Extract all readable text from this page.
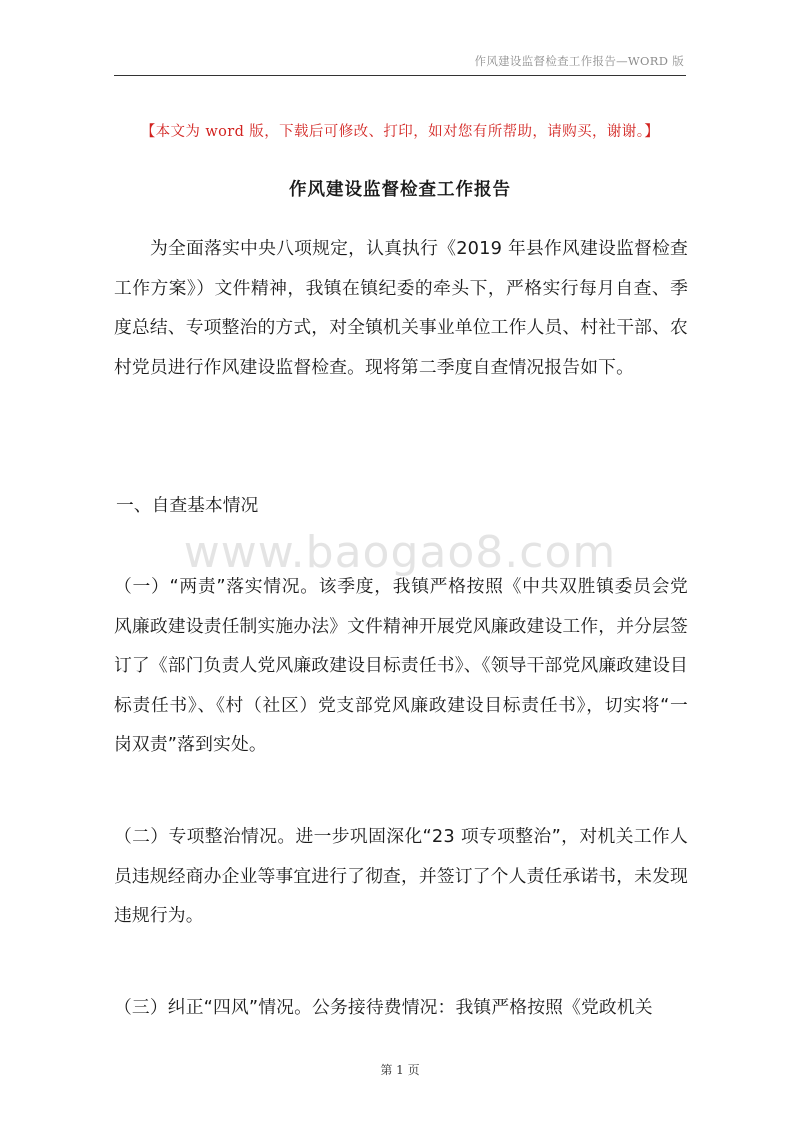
作风建设监督检查工作报告—WORD 版
【本文为 word 版，下载后可修改、打印，如对您有所帮助，请购买，谢谢。】
作风建设监督检查工作报告
为全面落实中央八项规定，认真执行《2019 年县作风建设监督检查工作方案》）文件精神，我镇在镇纪委的牵头下，严格实行每月自查、季度总结、专项整治的方式，对全镇机关事业单位工作人员、村社干部、农村党员进行作风建设监督检查。现将第二季度自查情况报告如下。
一、自查基本情况
www.baogao8.com
（一）“两责”落实情况。该季度，我镇严格按照《中共双胜镇委员会党风廉政建设责任制实施办法》文件精神开展党风廉政建设工作，并分层签订了《部门负责人党风廉政建设目标责任书》、《领导干部党风廉政建设目标责任书》、《村（社区）党支部党风廉政建设目标责任书》，切实将“一岗双责”落到实处。
（二）专项整治情况。进一步巩固深化“23 项专项整治”，对机关工作人员违规经商办企业等事宜进行了彻查，并签订了个人责任承诺书，未发现违规行为。
（三）纠正“四风”情况。公务接待费情况：我镇严格按照《党政机关
第 1 页
